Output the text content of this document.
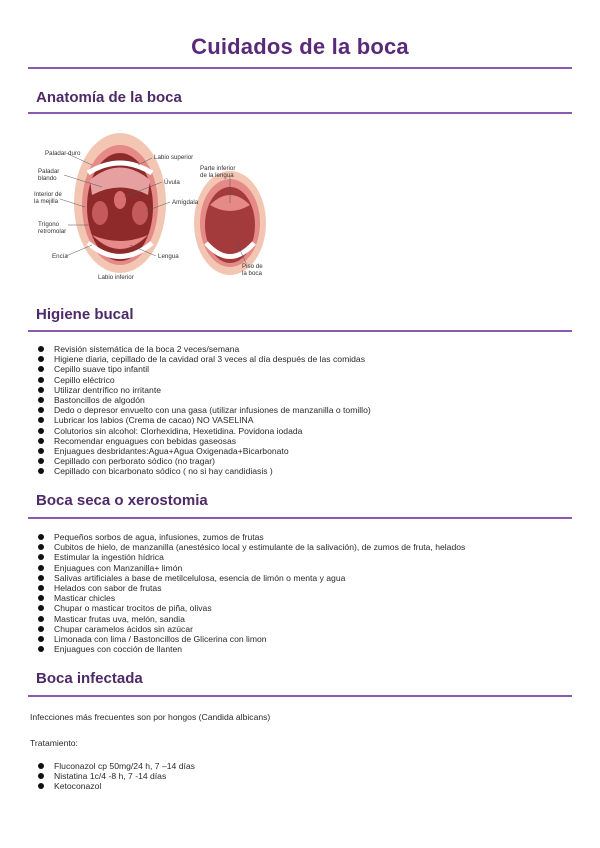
Cuidados de la boca
Anatomía de la boca
Paladar duro
Labio superior
Paladar
blando
Úvula
Interior de
la mejilla	Amígdala
Trígono
retromolar
Encía	Lengua
Labio inferior
Parte inferior
de la lengua
Piso de
la boca
Higiene bucal
Revisión sistemática de la boca 2 veces/semana
Higiene diaria, cepillado de la cavidad oral 3 veces al día después de las comidas
Cepillo suave tipo infantil
Cepillo eléctrico
Utilizar dentrífico no irritante
Bastoncillos de algodón
Dedo o depresor envuelto con una gasa (utilizar infusiones de manzanilla o tomillo)
Lubricar los labios (Crema de cacao) NO VASELINA
Colutorios sin alcohol: Clorhexidina, Hexetidina. Povidona iodada
Recomendar enguagues con bebidas gaseosas
Enjuagues desbridantes:Agua+Agua Oxigenada+Bicarbonato
Cepillado con perborato sódico (no tragar)
Cepillado con bicarbonato sódico ( no si hay candidiasis )
Boca seca o xerostomia
Pequeños sorbos de agua, infusiones, zumos de frutas
Cubitos de hielo, de manzanilla (anestésico local y estimulante de la salivación), de zumos de fruta, helados
Estimular la ingestión hídrica
Enjuagues con Manzanilla+ limón
Salivas artificiales a base de metilcelulosa, esencia de limón o menta y agua
Helados con sabor de frutas
Masticar chicles
Chupar o masticar trocitos de piña, olivas
Masticar frutas uva, melón, sandia
Chupar caramelos ácidos sin azúcar
Limonada con lima / Bastoncillos de Glicerina con limon
Enjuagues con cocción de llanten
Boca infectada
Infecciones más frecuentes son por hongos (Candida albicans)
Tratamiento:
Fluconazol cp 50mg/24 h, 7 –14 días
Nistatina 1c/4 -8 h, 7 -14 días
Ketoconazol
